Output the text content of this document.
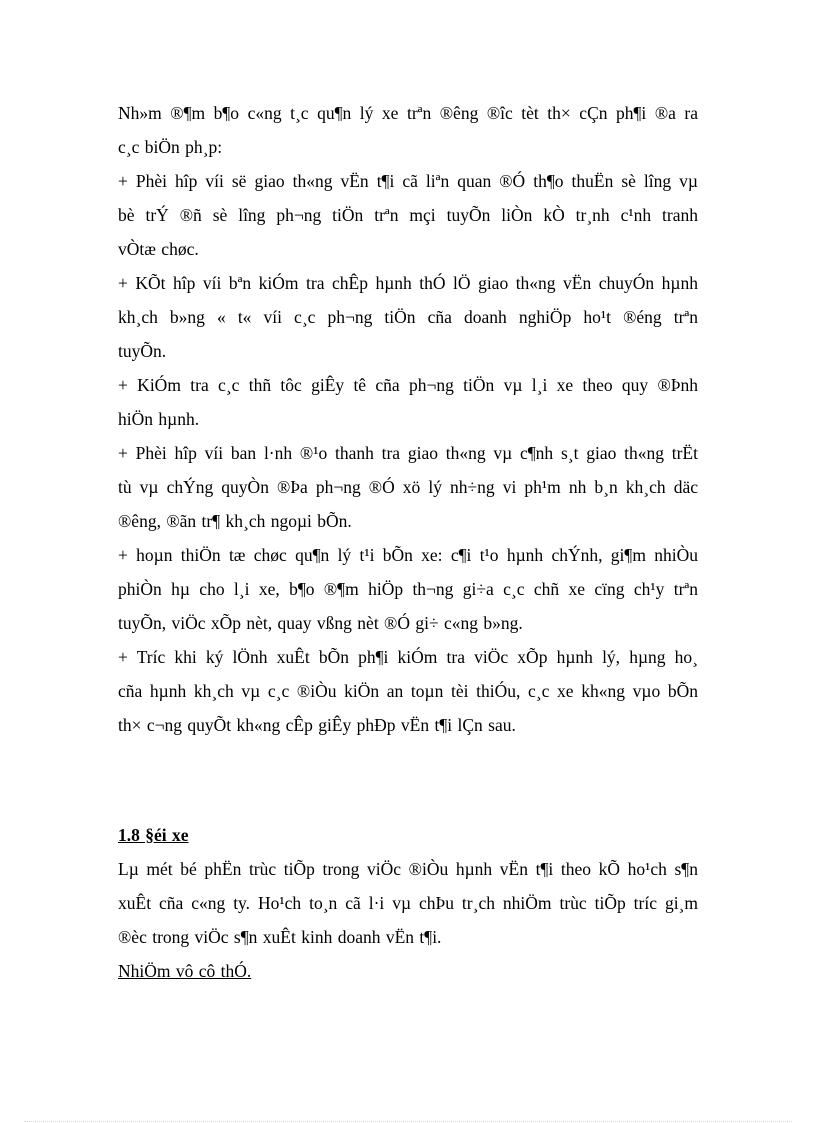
Nh»m ®¶m b¶o c«ng t¸c qu¶n lý xe trªn ®êng ®îc tèt th× cÇn ph¶i ®a ra
c¸c biÖn ph¸p:
+ Phèi hîp víi së giao th«ng vËn t¶i cã liªn quan ®Ó th¶o thuËn sè lîng vµ
bè trÝ ®ñ sè lîng ph¬ng tiÖn trªn mçi tuyÕn liÒn kÒ tr¸nh c¹nh tranh
vÒtæ chøc.
+ KÕt hîp víi bªn kiÓm tra chÊp hµnh thÓ lÖ giao th«ng vËn chuyÓn hµnh
kh¸ch b»ng « t« víi c¸c ph¬ng tiÖn cña doanh nghiÖp ho¹t ®éng trªn
tuyÕn.
+ KiÓm tra c¸c thñ tôc giÊy tê cña ph¬ng tiÖn vµ l¸i xe theo quy ®Þnh
hiÖn hµnh.
+ Phèi hîp víi ban l·nh ®¹o thanh tra giao th«ng vµ c¶nh s¸t giao th«ng trËt
tù vµ chÝng quyÒn ®Þa ph¬ng ®Ó xö lý nh÷ng vi ph¹m nh b¸n kh¸ch däc
®êng, ®ãn tr¶ kh¸ch ngoµi bÕn.
+ hoµn thiÖn tæ chøc qu¶n lý t¹i bÕn xe: c¶i t¹o hµnh chÝnh, gi¶m nhiÒu
phiÒn hµ cho l¸i xe, b¶o ®¶m hiÖp th¬ng gi÷a c¸c chñ xe cïng ch¹y trªn
tuyÕn, viÖc xÕp nèt, quay vßng nèt ®Ó gi÷ c«ng b»ng.
+ Tríc khi ký lÖnh xuÊt bÕn ph¶i kiÓm tra viÖc xÕp hµnh lý, hµng ho¸
cña hµnh kh¸ch vµ c¸c ®iÒu kiÖn an toµn tèi thiÓu, c¸c xe kh«ng vµo bÕn
th× c¬ng quyÕt kh«ng cÊp giÊy phÐp vËn t¶i lÇn sau.
1.8 §éi xe
Lµ mét bé phËn trùc tiÕp trong viÖc ®iÒu hµnh vËn t¶i theo kÕ ho¹ch s¶n
xuÊt cña c«ng ty. Ho¹ch to¸n cã l·i vµ chÞu tr¸ch nhiÖm trùc tiÕp tríc gi¸m
®èc trong viÖc s¶n xuÊt kinh doanh vËn t¶i.
NhiÖm vô cô thÓ.
